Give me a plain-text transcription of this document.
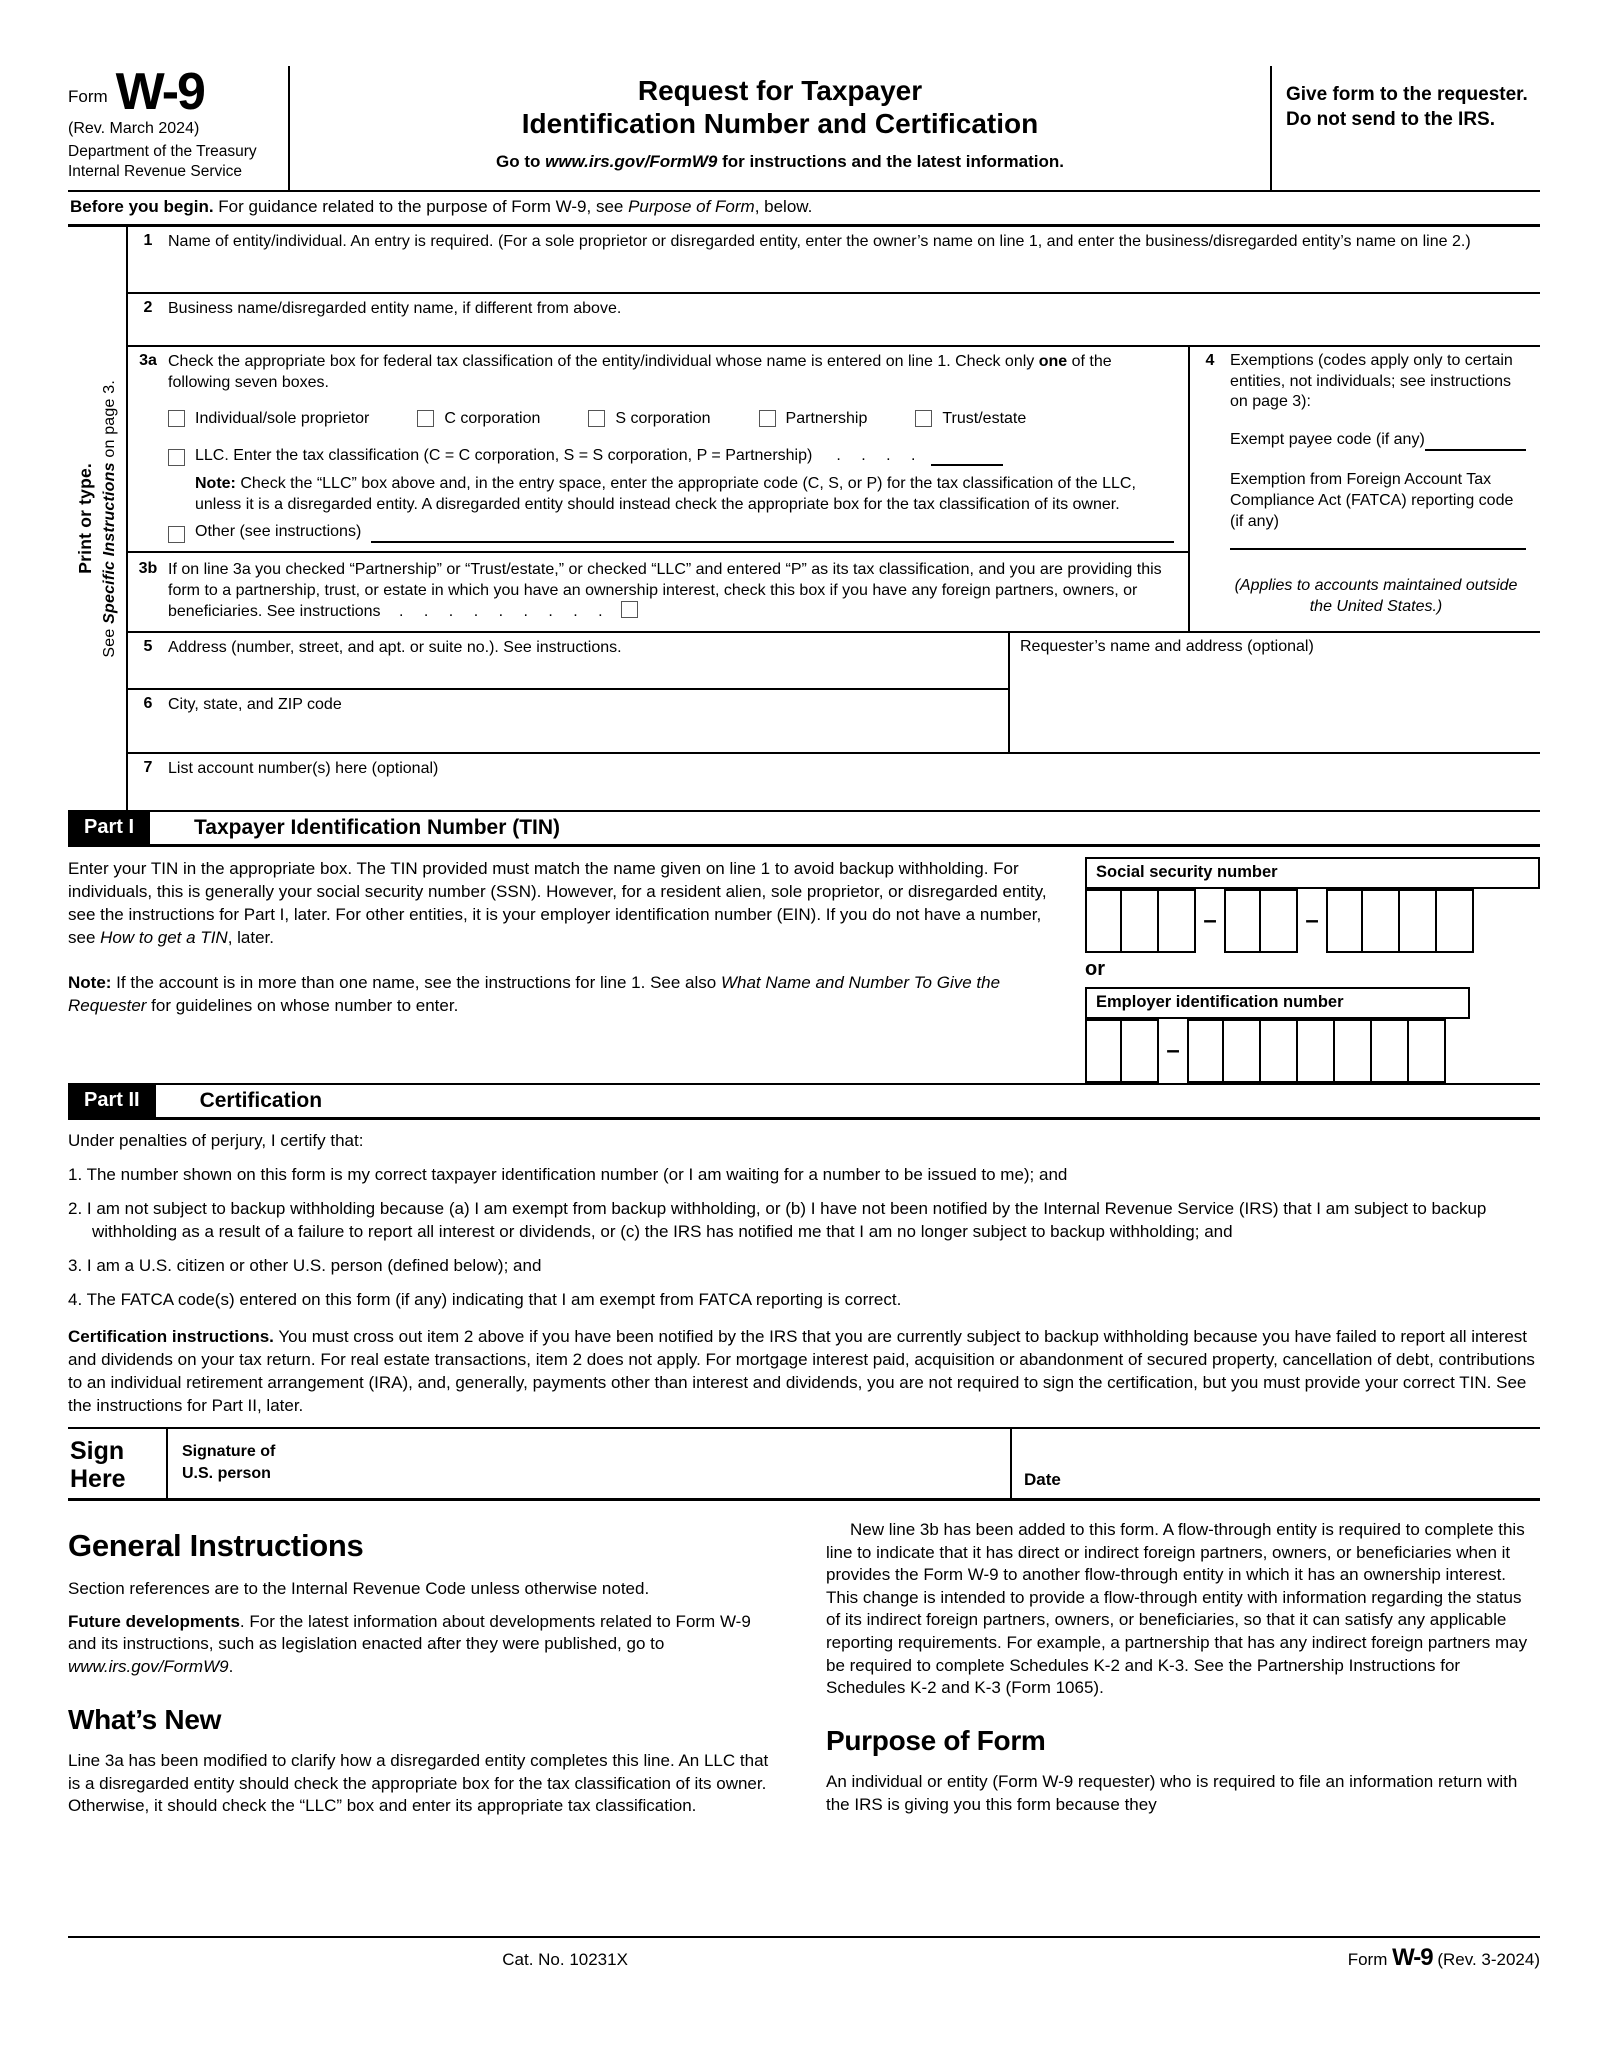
Form W-9
(Rev. March 2024)
Department of the Treasury
Internal Revenue Service
Request for Taxpayer
Identification Number and Certification
Go to www.irs.gov/FormW9 for instructions and the latest information.

Give form to the requester. Do not send to the IRS.

Before you begin. For guidance related to the purpose of Form W-9, see Purpose of Form, below.
Print or type.
See Specific Instructions on page 3.
1 Name of entity/individual. An entry is required. (For a sole proprietor or disregarded entity, enter the owner’s name on line 1, and enter the business/disregarded entity’s name on line 2.)
2 Business name/disregarded entity name, if different from above.
3a Check the appropriate box for federal tax classification of the entity/individual whose name is entered on line 1. Check only one of the following seven boxes.
Individual/sole proprietor	C corporation	S corporation	Partnership	Trust/estate
LLC. Enter the tax classification (C = C corporation, S = S corporation, P = Partnership)	. . . .

Note: Check the “LLC” box above and, in the entry space, enter the appropriate code (C, S, or P) for the tax classification of the LLC, unless it is a disregarded entity. A disregarded entity should instead check the appropriate box for the tax classification of its owner.

Other (see instructions)
3b If on line 3a you checked “Partnership” or “Trust/estate,” or checked “LLC” and entered “P” as its tax classification, and you are providing this form to a partnership, trust, or estate in which you have an ownership interest, check this box if you have any foreign partners, owners, or beneficiaries. See instructions . . . . . . . . .

4 Exemptions (codes apply only to certain entities, not individuals; see instructions on page 3):
Exempt payee code (if any)
Exemption from Foreign Account Tax Compliance Act (FATCA) reporting code (if any)
(Applies to accounts maintained outside the United States.)
5 Address (number, street, and apt. or suite no.). See instructions.
6 City, state, and ZIP code
Requester’s name and address (optional)
7 List account number(s) here (optional)
Part I	Taxpayer Identification Number (TIN)

Enter your TIN in the appropriate box. The TIN provided must match the name given on line 1 to avoid backup withholding. For individuals, this is generally your social security number (SSN). However, for a resident alien, sole proprietor, or disregarded entity, see the instructions for Part I, later. For other entities, it is your employer identification number (EIN). If you do not have a number, see How to get a TIN, later.

Note: If the account is in more than one name, see the instructions for line 1. See also What Name and Number To Give the Requester for guidelines on whose number to enter.

Social security number
–	–
or
Employer identification number
–
Part II	Certification

Under penalties of perjury, I certify that:

1. The number shown on this form is my correct taxpayer identification number (or I am waiting for a number to be issued to me); and

2. I am not subject to backup withholding because (a) I am exempt from backup withholding, or (b) I have not been notified by the Internal Revenue Service (IRS) that I am subject to backup withholding as a result of a failure to report all interest or dividends, or (c) the IRS has notified me that I am no longer subject to backup withholding; and

3. I am a U.S. citizen or other U.S. person (defined below); and

4. The FATCA code(s) entered on this form (if any) indicating that I am exempt from FATCA reporting is correct.

Certification instructions. You must cross out item 2 above if you have been notified by the IRS that you are currently subject to backup withholding because you have failed to report all interest and dividends on your tax return. For real estate transactions, item 2 does not apply. For mortgage interest paid, acquisition or abandonment of secured property, cancellation of debt, contributions to an individual retirement arrangement (IRA), and, generally, payments other than interest and dividends, you are not required to sign the certification, but you must provide your correct TIN. See the instructions for Part II, later.

Sign
Here
Signature of
U.S. person	Date
General Instructions

Section references are to the Internal Revenue Code unless otherwise noted.

Future developments. For the latest information about developments related to Form W-9 and its instructions, such as legislation enacted after they were published, go to www.irs.gov/FormW9.

What’s New

Line 3a has been modified to clarify how a disregarded entity completes this line. An LLC that is a disregarded entity should check the appropriate box for the tax classification of its owner. Otherwise, it should check the “LLC” box and enter its appropriate tax classification.

New line 3b has been added to this form. A flow-through entity is required to complete this line to indicate that it has direct or indirect foreign partners, owners, or beneficiaries when it provides the Form W-9 to another flow-through entity in which it has an ownership interest. This change is intended to provide a flow-through entity with information regarding the status of its indirect foreign partners, owners, or beneficiaries, so that it can satisfy any applicable reporting requirements. For example, a partnership that has any indirect foreign partners may be required to complete Schedules K-2 and K-3. See the Partnership Instructions for Schedules K-2 and K-3 (Form 1065).

Purpose of Form

An individual or entity (Form W-9 requester) who is required to file an information return with the IRS is giving you this form because they

Cat. No. 10231X	Form W-9 (Rev. 3-2024)
